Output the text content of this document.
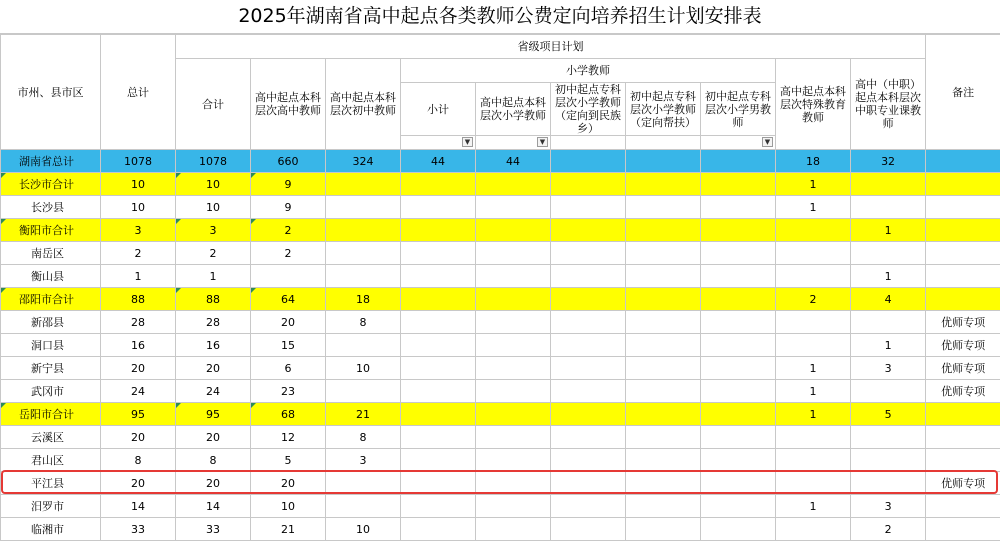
2025年湖南省高中起点各类教师公费定向培养招生计划安排表
市州、县市区	总计	省级项目计划										备注
		合计	高中起点本科层次高中教师	高中起点本科层次初中教师	小学教师					高中起点本科层次特殊教育教师	高中（中职）起点本科层次中职专业课教师	
					小计	高中起点本科层次小学教师	初中起点专科层次小学教师（定向到民族乡）	初中起点专科层次小学教师（定向帮扶）	初中起点专科层次小学男教师			

					▼	▼			▼			

湖南省总计	1078	1078	660	324	44	44				18	32	
长沙市合计	10	10	9							1		
长沙县	10	10	9							1		
衡阳市合计	3	3	2								1	
南岳区	2	2	2									
衡山县	1	1									1	
邵阳市合计	88	88	64	18						2	4	
新邵县	28	28	20	8								优师专项
洞口县	16	16	15								1	优师专项
新宁县	20	20	6	10						1	3	优师专项
武冈市	24	24	23							1		优师专项
岳阳市合计	95	95	68	21						1	5	
云溪区	20	20	12	8								
君山区	8	8	5	3								
平江县	20	20	20									优师专项
汨罗市	14	14	10							1	3	
临湘市	33	33	21	10							2	
